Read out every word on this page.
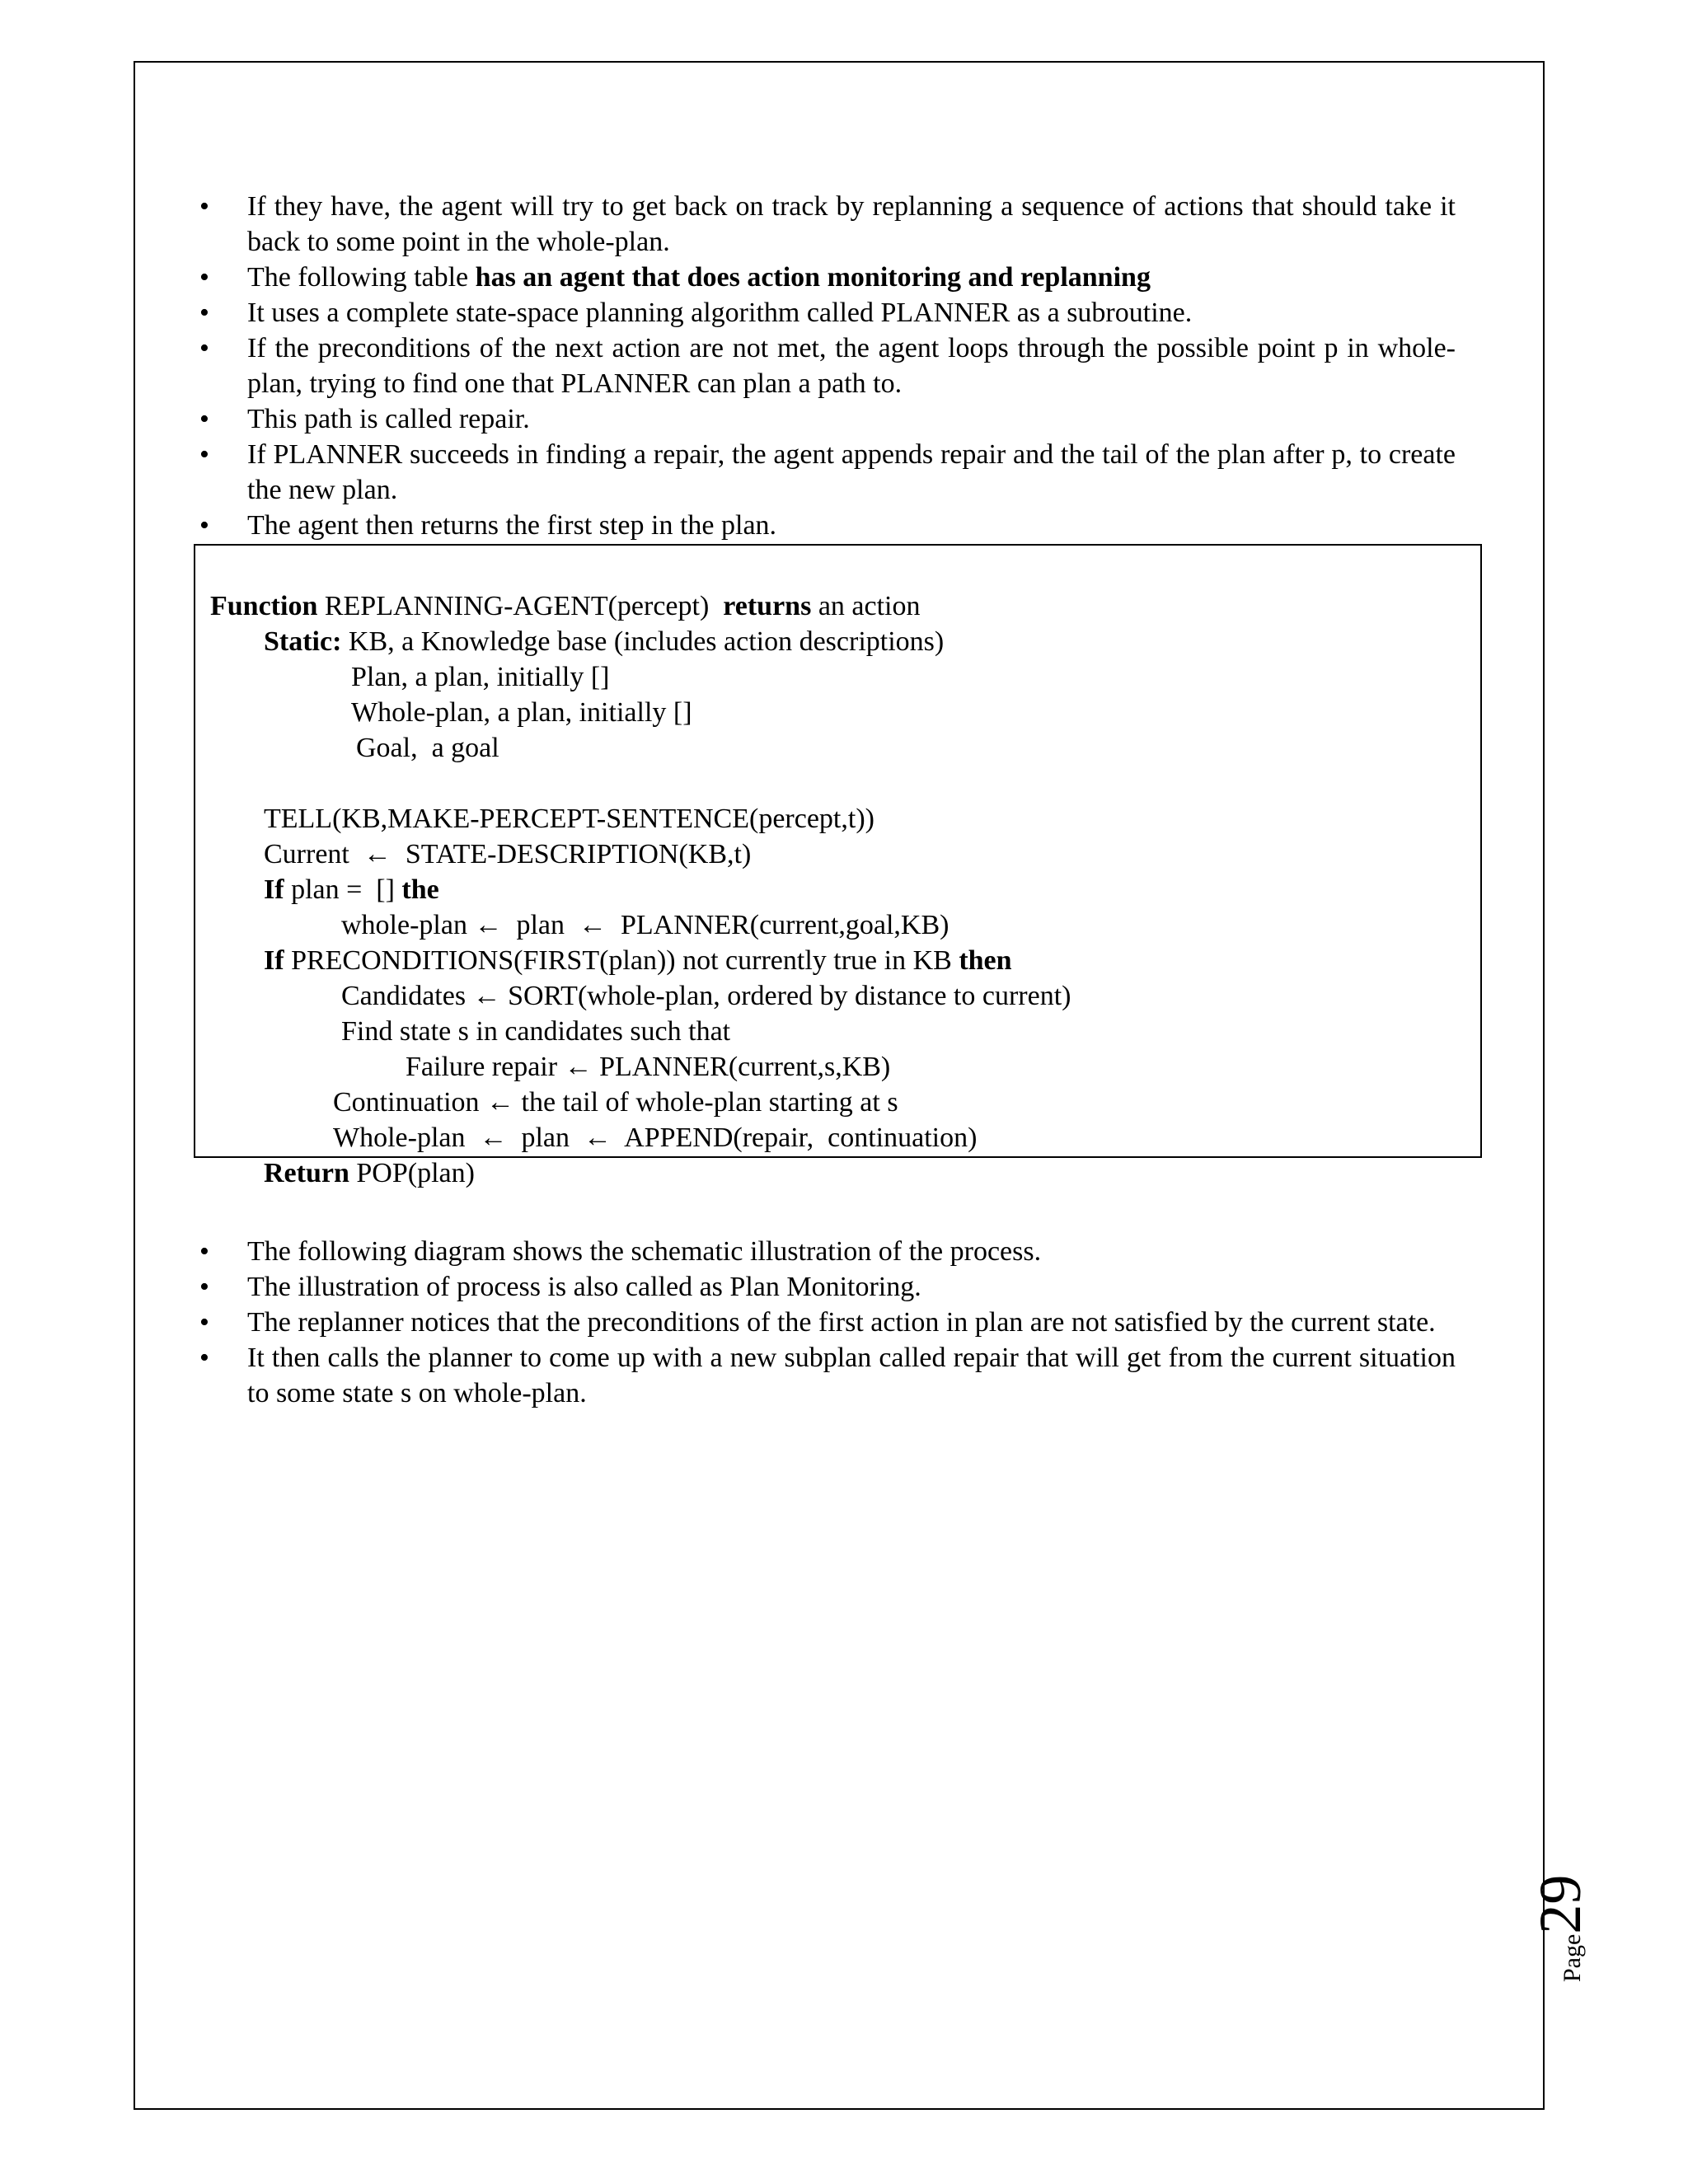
• If they have, the agent will try to get back on track by replanning a sequence of actions that should take it back to some point in the whole-plan.
• The following table has an agent that does action monitoring and replanning
• It uses a complete state-space planning algorithm called PLANNER as a subroutine.
• If the preconditions of the next action are not met, the agent loops through the possible point p in whole-plan, trying to find one that PLANNER can plan a path to.
• This path is called repair.
• If PLANNER succeeds in finding a repair, the agent appends repair and the tail of the plan after p, to create the new plan.
• The agent then returns the first step in the plan.
Function REPLANNING-AGENT(percept)  returns an action
Static: KB, a Knowledge base (includes action descriptions)
Plan, a plan, initially []
Whole-plan, a plan, initially []
Goal,  a goal
TELL(KB,MAKE-PERCEPT-SENTENCE(percept,t))
Current  ←  STATE-DESCRIPTION(KB,t)
If plan =  [] the
whole-plan ←  plan  ←  PLANNER(current,goal,KB)
If PRECONDITIONS(FIRST(plan)) not currently true in KB then
Candidates ← SORT(whole-plan, ordered by distance to current)
Find state s in candidates such that
Failure repair ← PLANNER(current,s,KB)
Continuation ← the tail of whole-plan starting at s
Whole-plan  ←  plan  ←  APPEND(repair,  continuation)
Return POP(plan)
• The following diagram shows the schematic illustration of the process.
• The illustration of process is also called as Plan Monitoring.
• The replanner notices that the preconditions of the first action in plan are not satisfied by the current state.
• It then calls the planner to come up with a new subplan called repair that will get from the current situation to some state s on whole-plan.
Page29
